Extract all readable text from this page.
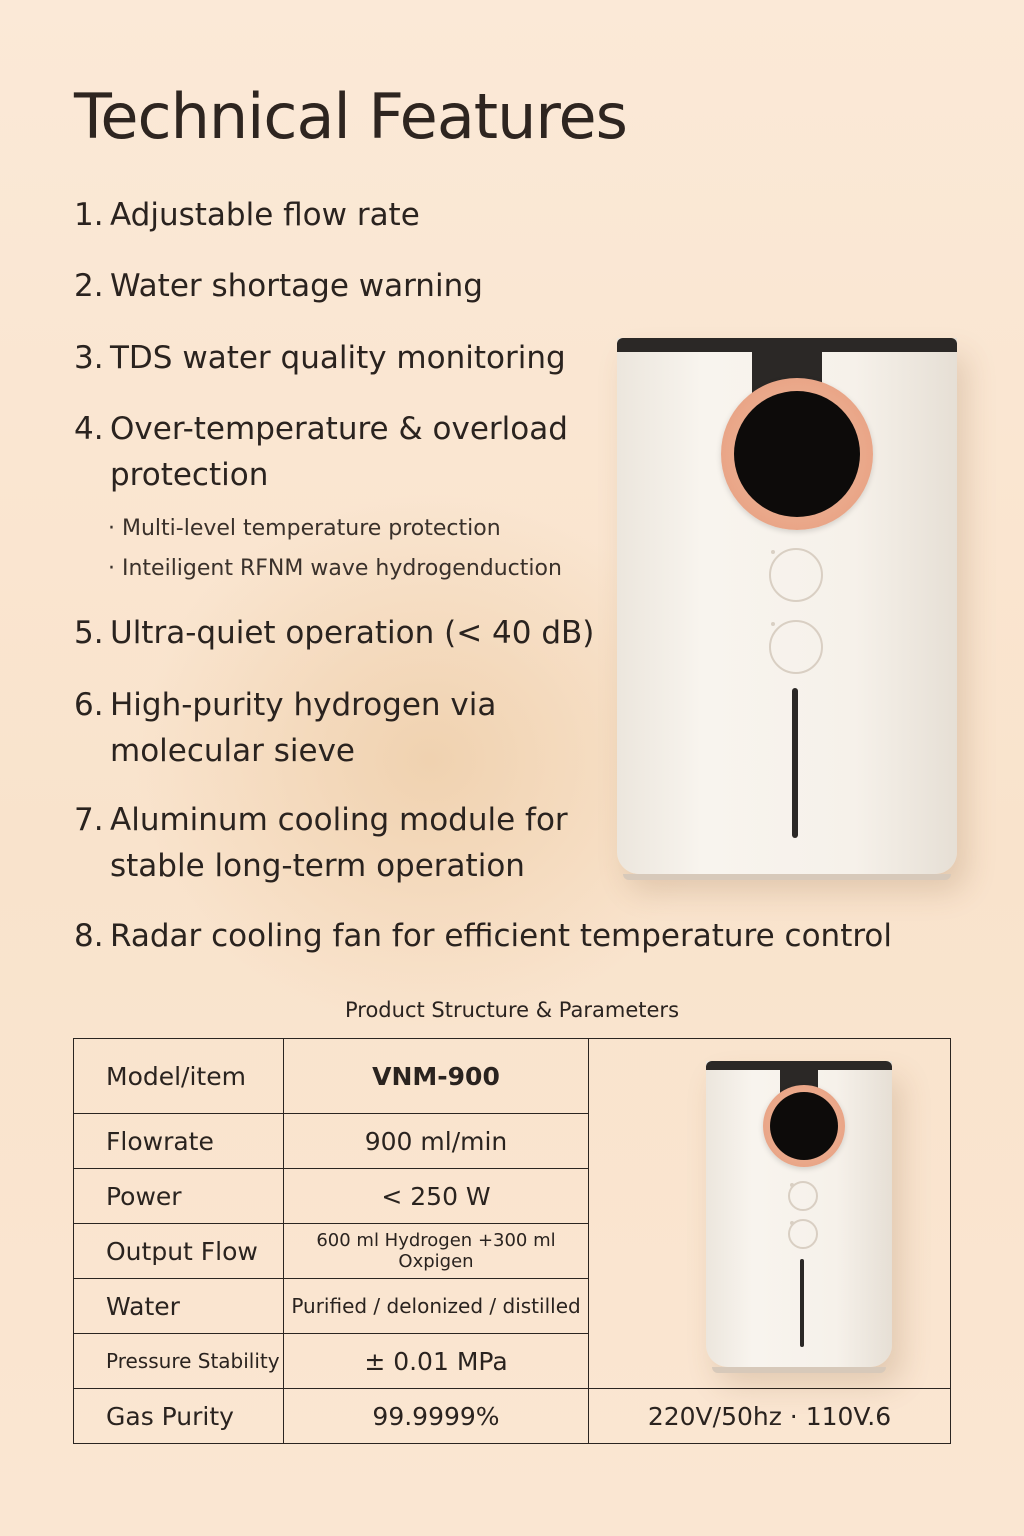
Technical Features
1. Adjustable flow rate
2. Water shortage warning
3. TDS water quality monitoring
4. Over-temperature & overload
protection
· Multi-level temperature protection
· Inteiligent RFNM wave hydrogenduction
5. Ultra-quiet operation (< 40 dB)
6. High-purity hydrogen via
molecular sieve
7. Aluminum cooling module for
stable long-term operation
8. Radar cooling fan for efficient temperature control
Product Structure & Parameters
Model/item	VNM-900	

Flowrate	900 ml/min	
Power	< 250 W	
Output Flow	600 ml Hydrogen +300 ml Oxpigen	
Water	Purified / delonized / distilled	
Pressure Stability	± 0.01 MPa	
Gas Purity	99.9999%	220V/50hz · 110V.6
